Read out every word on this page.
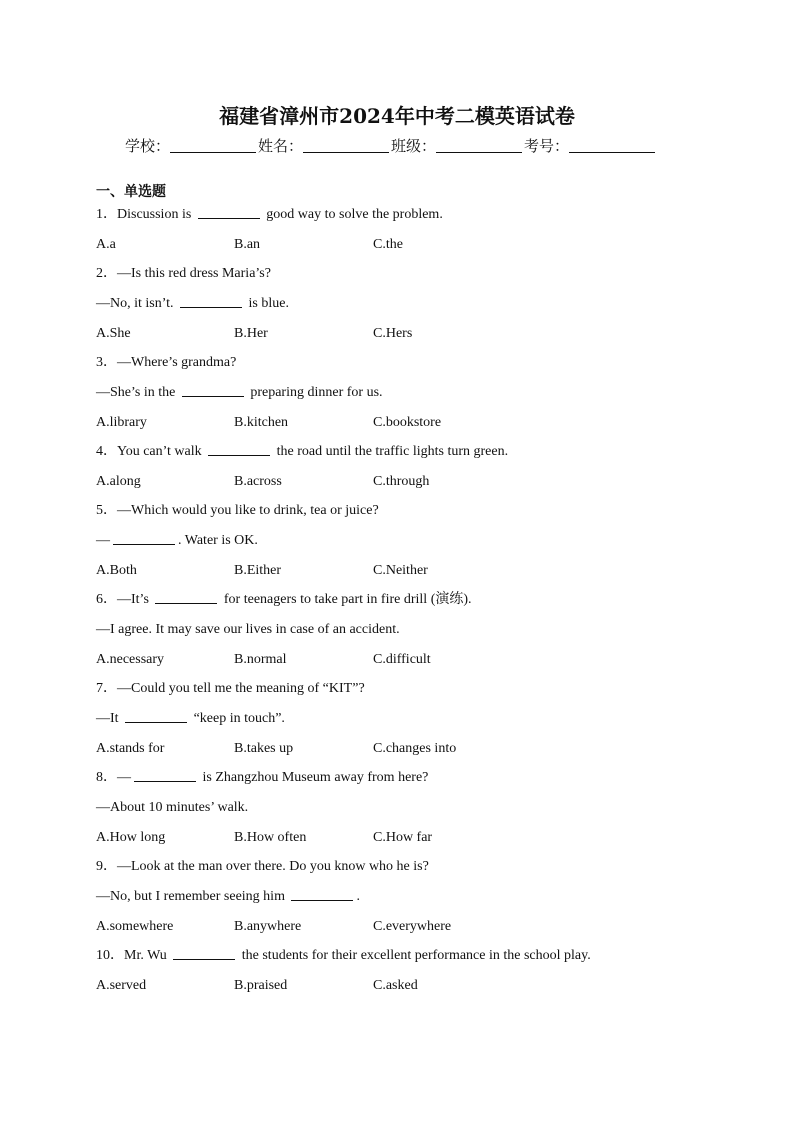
福建省漳州市2024年中考二模英语试卷
学校：	姓名：	班级：	考号：
一、单选题
1．Discussion is	good way to solve the problem.
A.a	B.an	C.the
2．—Is this red dress Maria’s?
—No, it isn’t.	is blue.
A.She	B.Her	C.Hers
3．—Where’s grandma?
—She’s in the	preparing dinner for us.
A.library	B.kitchen	C.bookstore
4．You can’t walk	the road until the traffic lights turn green.
A.along	B.across	C.through
5．—Which would you like to drink, tea or juice?
—	. Water is OK.
A.Both	B.Either	C.Neither
6．—It’s	for teenagers to take part in fire drill (演练).
—I agree. It may save our lives in case of an accident.
A.necessary	B.normal	C.difficult
7．—Could you tell me the meaning of “KIT”?
—It	“keep in touch”.
A.stands for	B.takes up	C.changes into
8．—	is Zhangzhou Museum away from here?
—About 10 minutes’ walk.
A.How long	B.How often	C.How far
9．—Look at the man over there. Do you know who he is?
—No, but I remember seeing him	.
A.somewhere	B.anywhere	C.everywhere
10．Mr. Wu	the students for their excellent performance in the school play.
A.served	B.praised	C.asked
